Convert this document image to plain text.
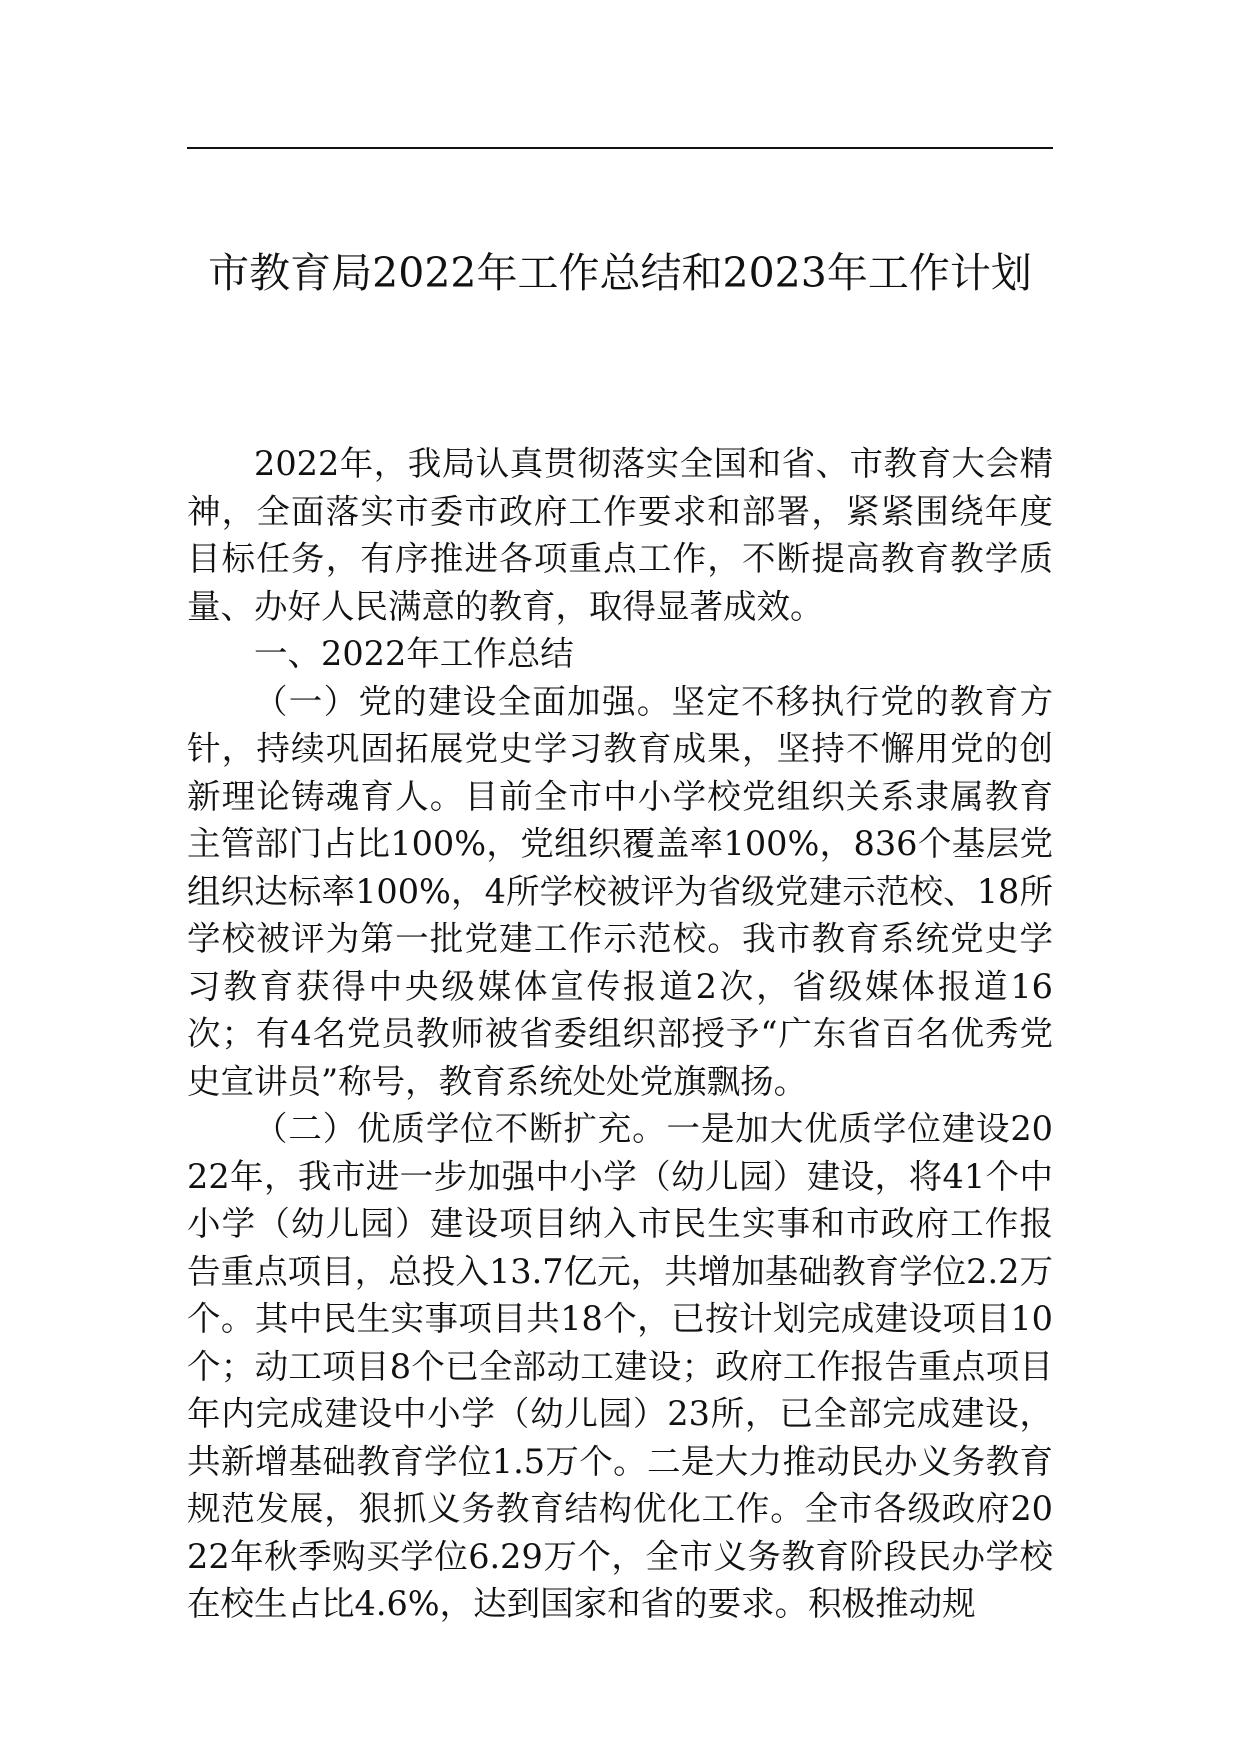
市教育局2022年工作总结和2023年工作计划

2022年，我局认真贯彻落实全国和省、市教育大会精神，全面落实市委市政府工作要求和部署，紧紧围绕年度目标任务，有序推进各项重点工作，不断提高教育教学质量、办好人民满意的教育，取得显著成效。

一、2022年工作总结

（一）党的建设全面加强。坚定不移执行党的教育方针，持续巩固拓展党史学习教育成果，坚持不懈用党的创新理论铸魂育人。目前全市中小学校党组织关系隶属教育主管部门占比100%，党组织覆盖率100%，836个基层党组织达标率100%，4所学校被评为省级党建示范校、18所学校被评为第一批党建工作示范校。我市教育系统党史学习教育获得中央级媒体宣传报道2次，省级媒体报道16次；有4名党员教师被省委组织部授予“广东省百名优秀党史宣讲员”称号，教育系统处处党旗飘扬。

（二）优质学位不断扩充。一是加大优质学位建设2022年，我市进一步加强中小学（幼儿园）建设，将41个中小学（幼儿园）建设项目纳入市民生实事和市政府工作报告重点项目，总投入13.7亿元，共增加基础教育学位2.2万个。其中民生实事项目共18个，已按计划完成建设项目10个；动工项目8个已全部动工建设；政府工作报告重点项目年内完成建设中小学（幼儿园）23所，已全部完成建设，共新增基础教育学位1.5万个。二是大力推动民办义务教育规范发展，狠抓义务教育结构优化工作。全市各级政府2022年秋季购买学位6.29万个，全市义务教育阶段民办学校在校生占比4.6%，达到国家和省的要求。积极推动规
